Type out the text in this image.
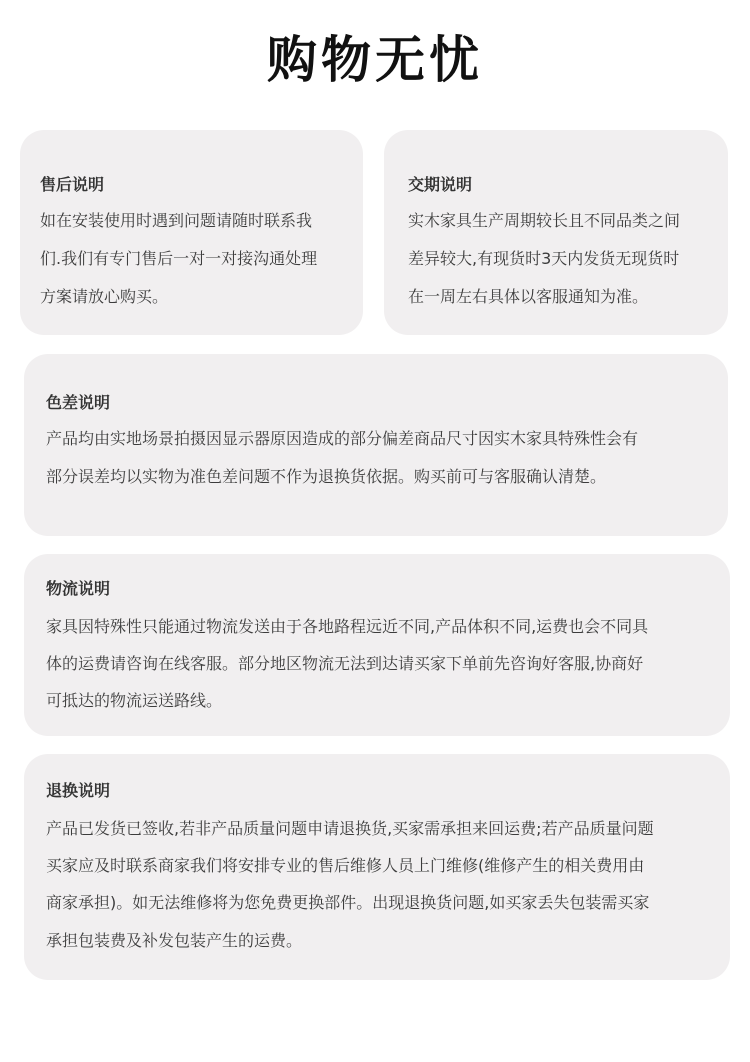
购物无忧
售后说明
如在安装使用时遇到问题请随时联系我
们.我们有专门售后一对一对接沟通处理
方案请放心购买。
交期说明
实木家具生产周期较长且不同品类之间
差异较大,有现货时3天内发货无现货时
在一周左右具体以客服通知为准。
色差说明
产品均由实地场景拍摄因显示器原因造成的部分偏差商品尺寸因实木家具特殊性会有
部分误差均以实物为准色差问题不作为退换货依据。购买前可与客服确认清楚。
物流说明
家具因特殊性只能通过物流发送由于各地路程远近不同,产品体积不同,运费也会不同具
体的运费请咨询在线客服。部分地区物流无法到达请买家下单前先咨询好客服,协商好
可抵达的物流运送路线。
退换说明
产品已发货已签收,若非产品质量问题申请退换货,买家需承担来回运费;若产品质量问题
买家应及时联系商家我们将安排专业的售后维修人员上门维修(维修产生的相关费用由
商家承担)。如无法维修将为您免费更换部件。出现退换货问题,如买家丢失包装需买家
承担包装费及补发包装产生的运费。
